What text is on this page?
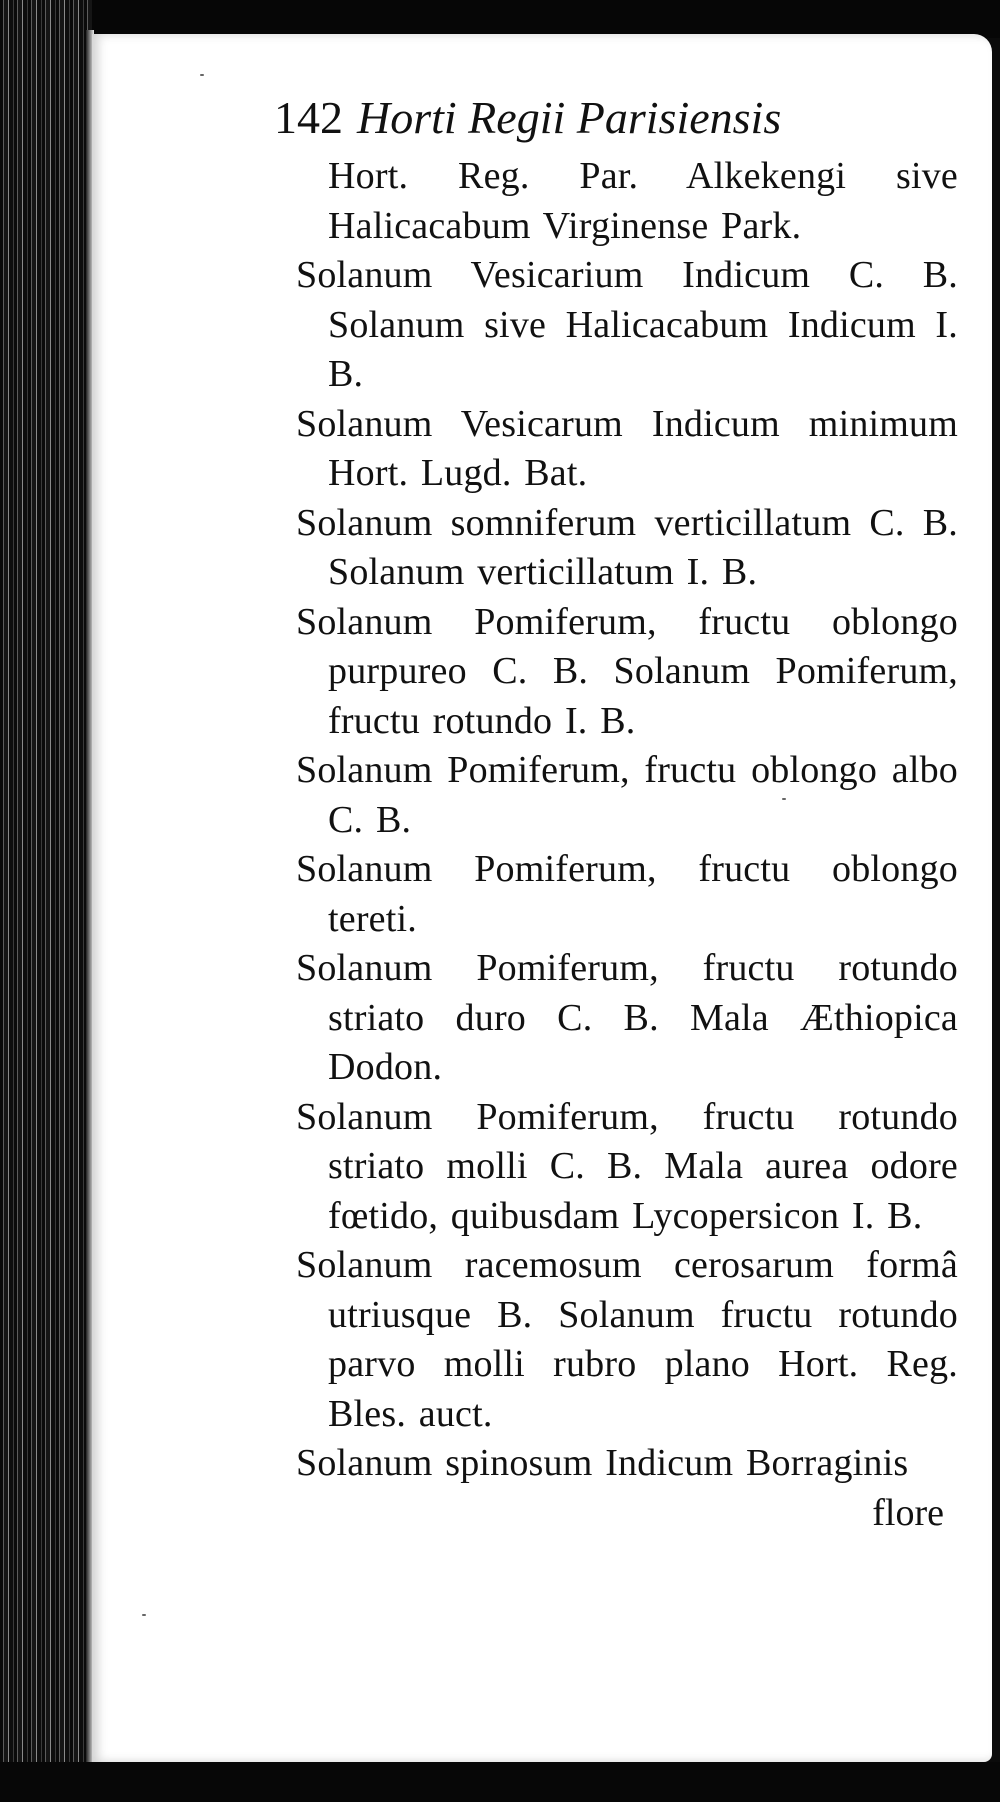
142 Horti Regii Parisiensis
Hort. Reg. Par. Alkekengi sive Halicacabum Virginense Park.
Solanum Vesicarium Indicum C. B. Solanum sive Halicacabum Indicum I. B.
Solanum Vesicarum Indicum minimum Hort. Lugd. Bat.
Solanum somniferum verticillatum C. B. Solanum verticillatum I. B.
Solanum Pomiferum, fructu oblongo purpureo C. B. Solanum Pomiferum, fructu rotundo I. B.
Solanum Pomiferum, fructu oblongo albo C. B.
Solanum Pomiferum, fructu oblongo tereti.
Solanum Pomiferum, fructu rotundo striato duro C. B. Mala Æthiopica Dodon.
Solanum Pomiferum, fructu rotundo striato molli C. B. Mala aurea odore fœtido, quibusdam Lycopersicon I. B.
Solanum racemosum cerosarum formâ utriusque B. Solanum fructu rotundo parvo molli rubro plano Hort. Reg. Bles. auct.
Solanum spinosum Indicum Borraginis
flore
